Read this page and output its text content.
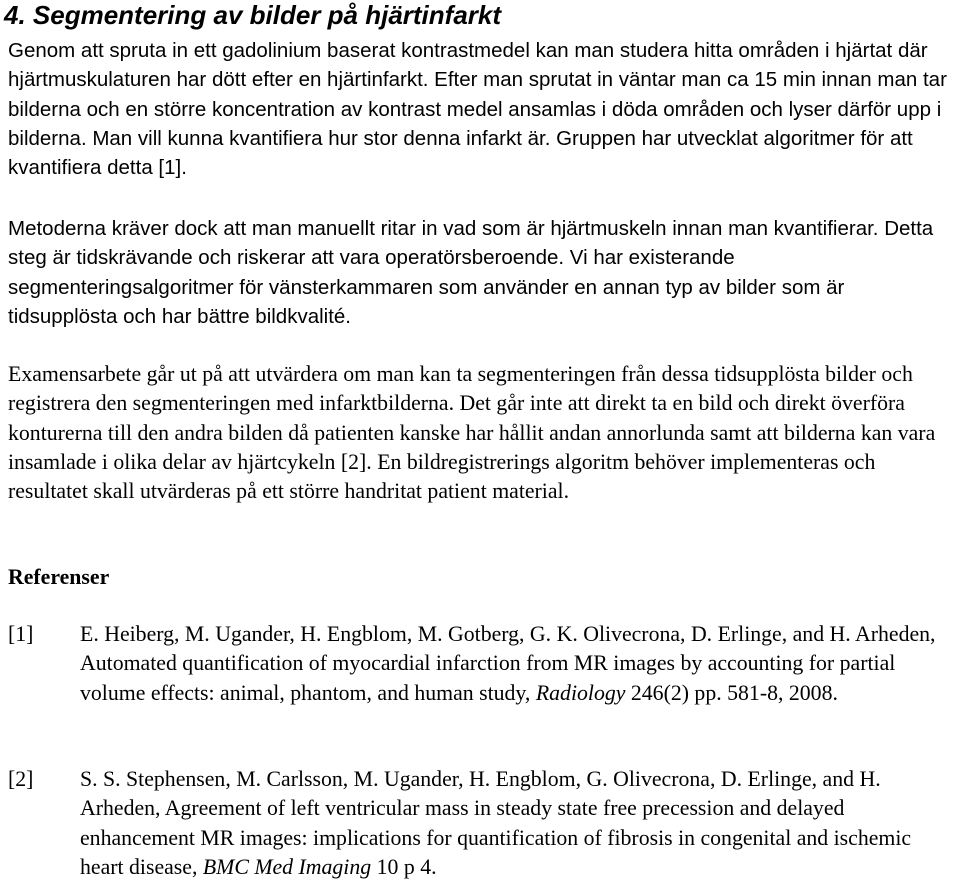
4. Segmentering av bilder på hjärtinfarkt
Genom att spruta in ett gadolinium baserat kontrastmedel kan man studera hitta områden i hjärtat där hjärtmuskulaturen har dött efter en hjärtinfarkt. Efter man sprutat in väntar man ca 15 min innan man tar bilderna och en större koncentration av kontrast medel ansamlas i döda områden och lyser därför upp i bilderna. Man vill kunna kvantifiera hur stor denna infarkt är. Gruppen har utvecklat algoritmer för att kvantifiera detta [1].
Metoderna kräver dock att man manuellt ritar in vad som är hjärtmuskeln innan man kvantifierar. Detta steg är tidskrävande och riskerar att vara operatörsberoende. Vi har existerande segmenteringsalgoritmer för vänsterkammaren som använder en annan typ av bilder som är tidsupplösta och har bättre bildkvalité.
Examensarbete går ut på att utvärdera om man kan ta segmenteringen från dessa tidsupplösta bilder och registrera den segmenteringen med infarktbilderna. Det går inte att direkt ta en bild och direkt överföra konturerna till den andra bilden då patienten kanske har hållit andan annorlunda samt att bilderna kan vara insamlade i olika delar av hjärtcykeln [2]. En bildregistrerings algoritm behöver implementeras och resultatet skall utvärderas på ett större handritat patient material.
Referenser
[1] E. Heiberg, M. Ugander, H. Engblom, M. Gotberg, G. K. Olivecrona, D. Erlinge, and H. Arheden, Automated quantification of myocardial infarction from MR images by accounting for partial volume effects: animal, phantom, and human study, Radiology 246(2) pp. 581-8, 2008.
[2] S. S. Stephensen, M. Carlsson, M. Ugander, H. Engblom, G. Olivecrona, D. Erlinge, and H. Arheden, Agreement of left ventricular mass in steady state free precession and delayed enhancement MR images: implications for quantification of fibrosis in congenital and ischemic heart disease, BMC Med Imaging 10 p 4.
